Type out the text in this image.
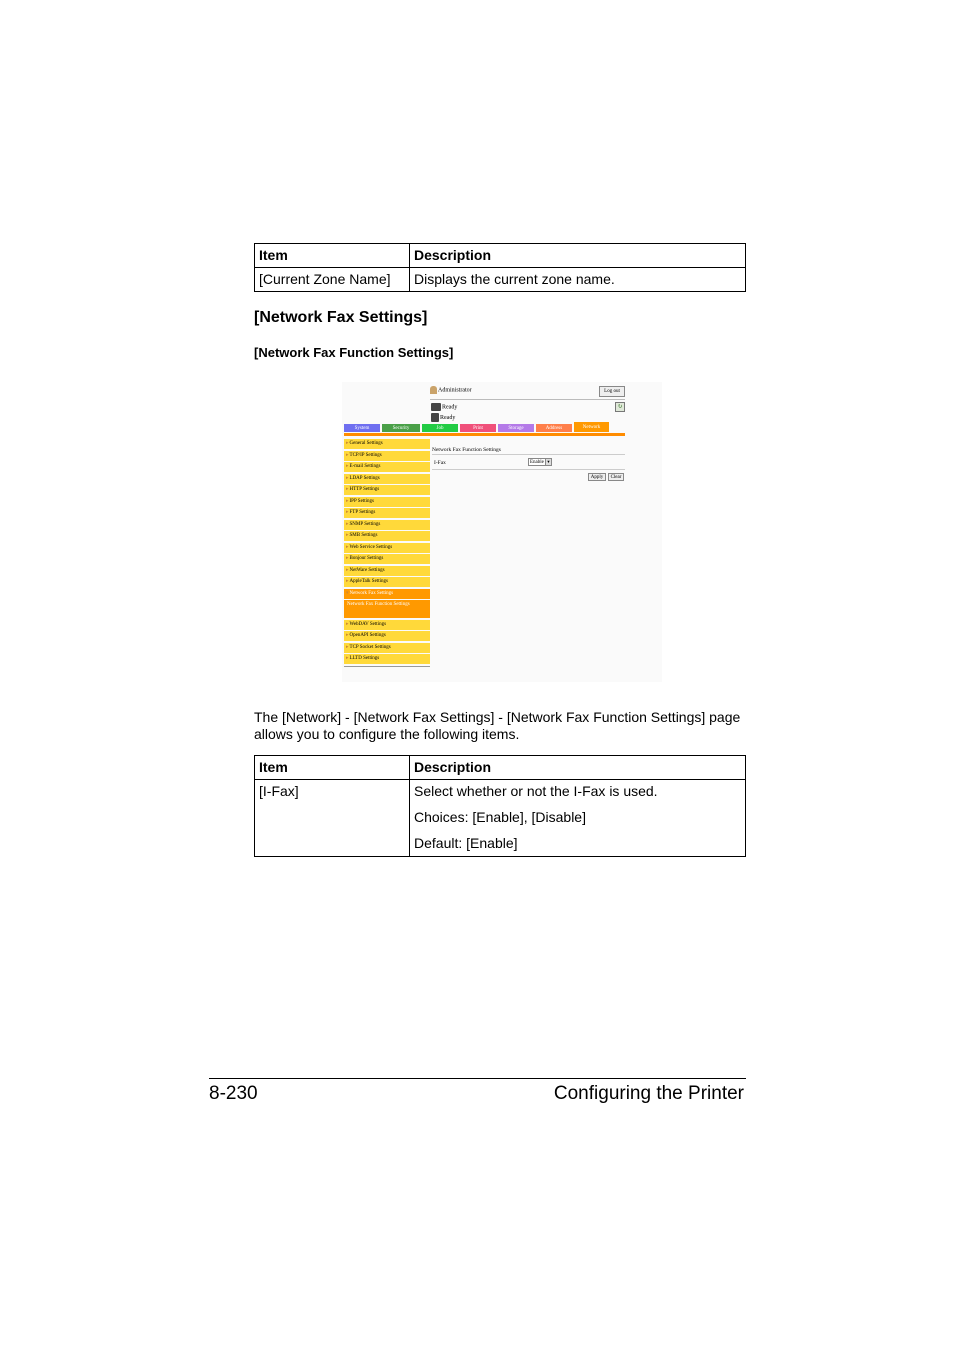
Item	Description
[Current Zone Name]	Displays the current zone name.
[Network Fax Settings]
[Network Fax Function Settings]
Administrator	Log out
Ready
Ready
↻
System	Security	Job	Print	Storage	Address	Network
▸General Settings
▸TCP/IP Settings
▸E-mail Settings
▸LDAP Settings
▸HTTP Settings
▸IPP Settings
▸FTP Settings
▸SNMP Settings
▸SMB Settings
▸Web Service Settings
▸Bonjour Settings
▸NetWare Settings
▸AppleTalk Settings
▾Network Fax Settings
Network Fax Function Settings
▸WebDAV Settings
▸OpenAPI Settings
▸TCP Socket Settings
▸LLTD Settings
Network Fax Function Settings
I-Fax	Enable ▼
Apply	Clear
The [Network] - [Network Fax Settings] - [Network Fax Function Settings] page allows you to configure the following items.
Item	Description
[I-Fax]	Select whether or not the I-Fax is used.

Choices: [Enable], [Disable]

Default: [Enable]

8-230	Configuring the Printer
